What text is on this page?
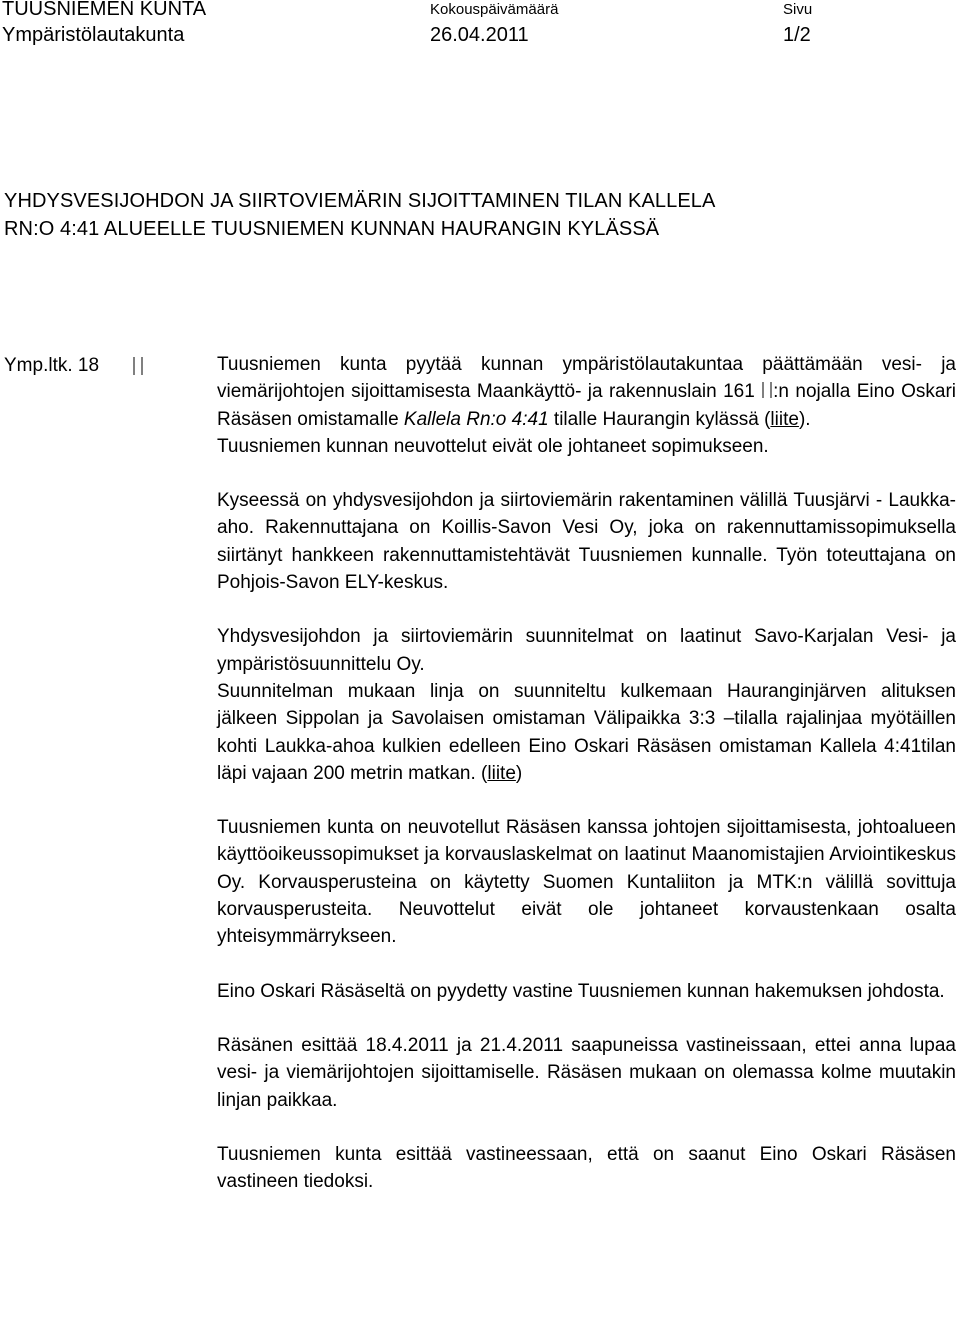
TUUSNIEMEN KUNTA
Ympäristölautakunta
Kokouspäivämäärä
26.04.2011
Sivu
1/2
YHDYSVESIJOHDON JA SIIRTOVIEMÄRIN SIJOITTAMINEN TILAN KALLELA
RN:O 4:41 ALUEELLE TUUSNIEMEN KUNNAN HAURANGIN KYLÄSSÄ
Ymp.ltk. 18	Tuusniemen kunta pyytää kunnan ympäristölautakuntaa päättämään vesi- ja viemärijohtojen sijoittamisesta Maankäyttö- ja rakennuslain 161 :n nojalla Eino Oskari Räsäsen omistamalle Kallela Rn:o 4:41 tilalle Haurangin kylässä (liite).
Tuusniemen kunnan neuvottelut eivät ole johtaneet sopimukseen.

Kyseessä on yhdysvesijohdon ja siirtoviemärin rakentaminen välillä Tuusjärvi - Laukka-aho. Rakennuttajana on Koillis-Savon Vesi Oy, joka on rakennuttamissopimuksella siirtänyt hankkeen rakennuttamistehtävät Tuusniemen kunnalle. Työn toteuttajana on Pohjois-Savon ELY-keskus.

Yhdysvesijohdon ja siirtoviemärin suunnitelmat on laatinut Savo-Karjalan Vesi- ja ympäristösuunnittelu Oy.

Suunnitelman mukaan linja on suunniteltu kulkemaan Hauranginjärven alituksen jälkeen Sippolan ja Savolaisen omistaman Välipaikka 3:3 –tilalla rajalinjaa myötäillen kohti Laukka-ahoa kulkien edelleen Eino Oskari Räsäsen omistaman Kallela 4:41tilan läpi vajaan 200 metrin matkan. (liite)

Tuusniemen kunta on neuvotellut Räsäsen kanssa johtojen sijoittamisesta, johtoalueen käyttöoikeussopimukset ja korvauslaskelmat on laatinut Maanomistajien Arviointikeskus Oy. Korvausperusteina on käytetty Suomen Kuntaliiton ja MTK:n välillä sovittuja korvausperusteita. Neuvottelut eivät ole johtaneet korvaustenkaan osalta yhteisymmärrykseen.

Eino Oskari Räsäseltä on pyydetty vastine Tuusniemen kunnan hakemuksen johdosta.

Räsänen esittää 18.4.2011 ja 21.4.2011 saapuneissa vastineissaan, ettei anna lupaa vesi- ja viemärijohtojen sijoittamiselle. Räsäsen mukaan on olemassa kolme muutakin linjan paikkaa.

Tuusniemen kunta esittää vastineessaan, että on saanut Eino Oskari Räsäsen vastineen tiedoksi.
